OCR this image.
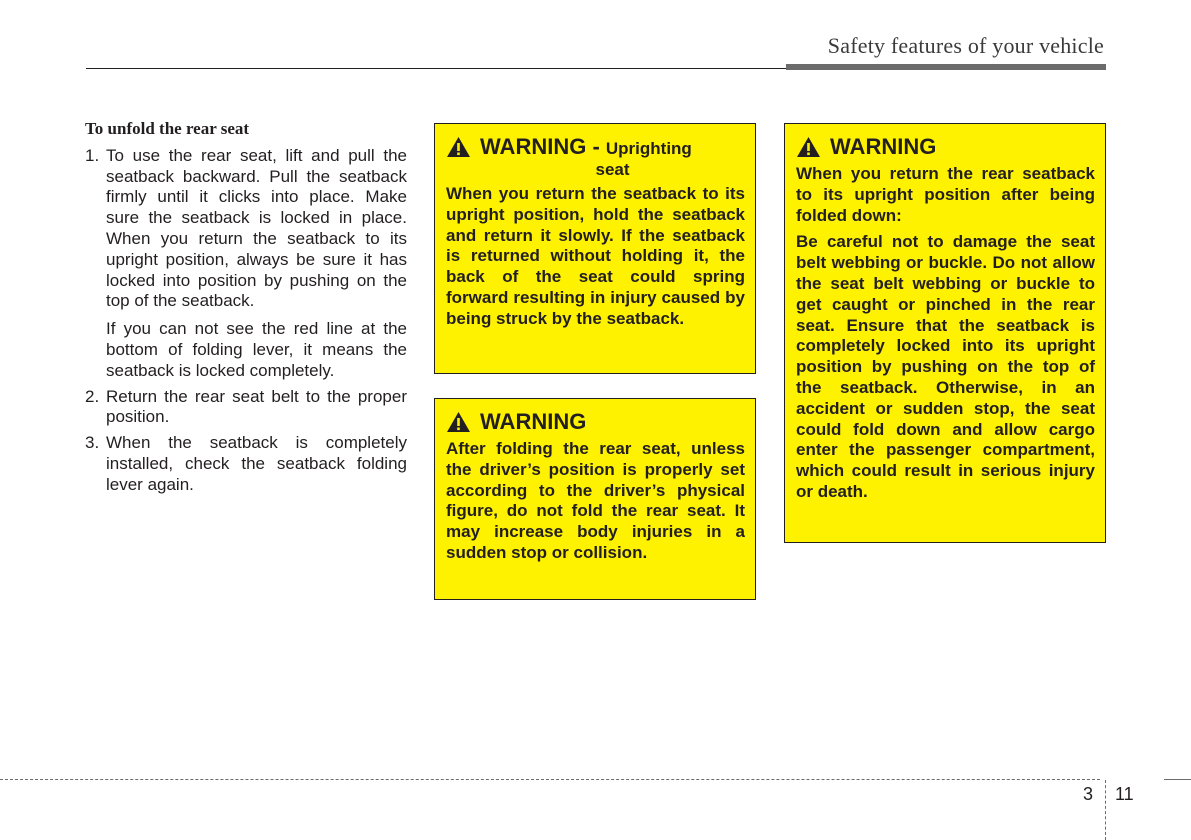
Safety features of your vehicle
To unfold the rear seat
1. To use the rear seat, lift and pull the seatback backward. Pull the seatback firmly until it clicks into place. Make sure the seatback is locked in place. When you return the seatback to its upright position, always be sure it has locked into position by pushing on the top of the seatback.
If you can not see the red line at the bottom of folding lever, it means the seatback is locked completely.
2. Return the rear seat belt to the proper position.
3. When the seatback is completely installed, check the seatback folding lever again.
WARNING - Uprighting
seat

When you return the seatback to its upright position, hold the seatback and return it slowly. If the seatback is returned without holding it, the back of the seat could spring forward resulting in injury caused by being struck by the seatback.

WARNING

After folding the rear seat, unless the driver’s position is properly set according to the driver’s physical figure, do not fold the rear seat. It may increase body injuries in a sudden stop or collision.

WARNING

When you return the rear seatback to its upright position after being folded down:

Be careful not to damage the seat belt webbing or buckle. Do not allow the seat belt webbing or buckle to get caught or pinched in the rear seat. Ensure that the seatback is completely locked into its upright position by pushing on the top of the seatback. Otherwise, in an accident or sudden stop, the seat could fold down and allow cargo enter the passenger compartment, which could result in serious injury or death.

3 11
